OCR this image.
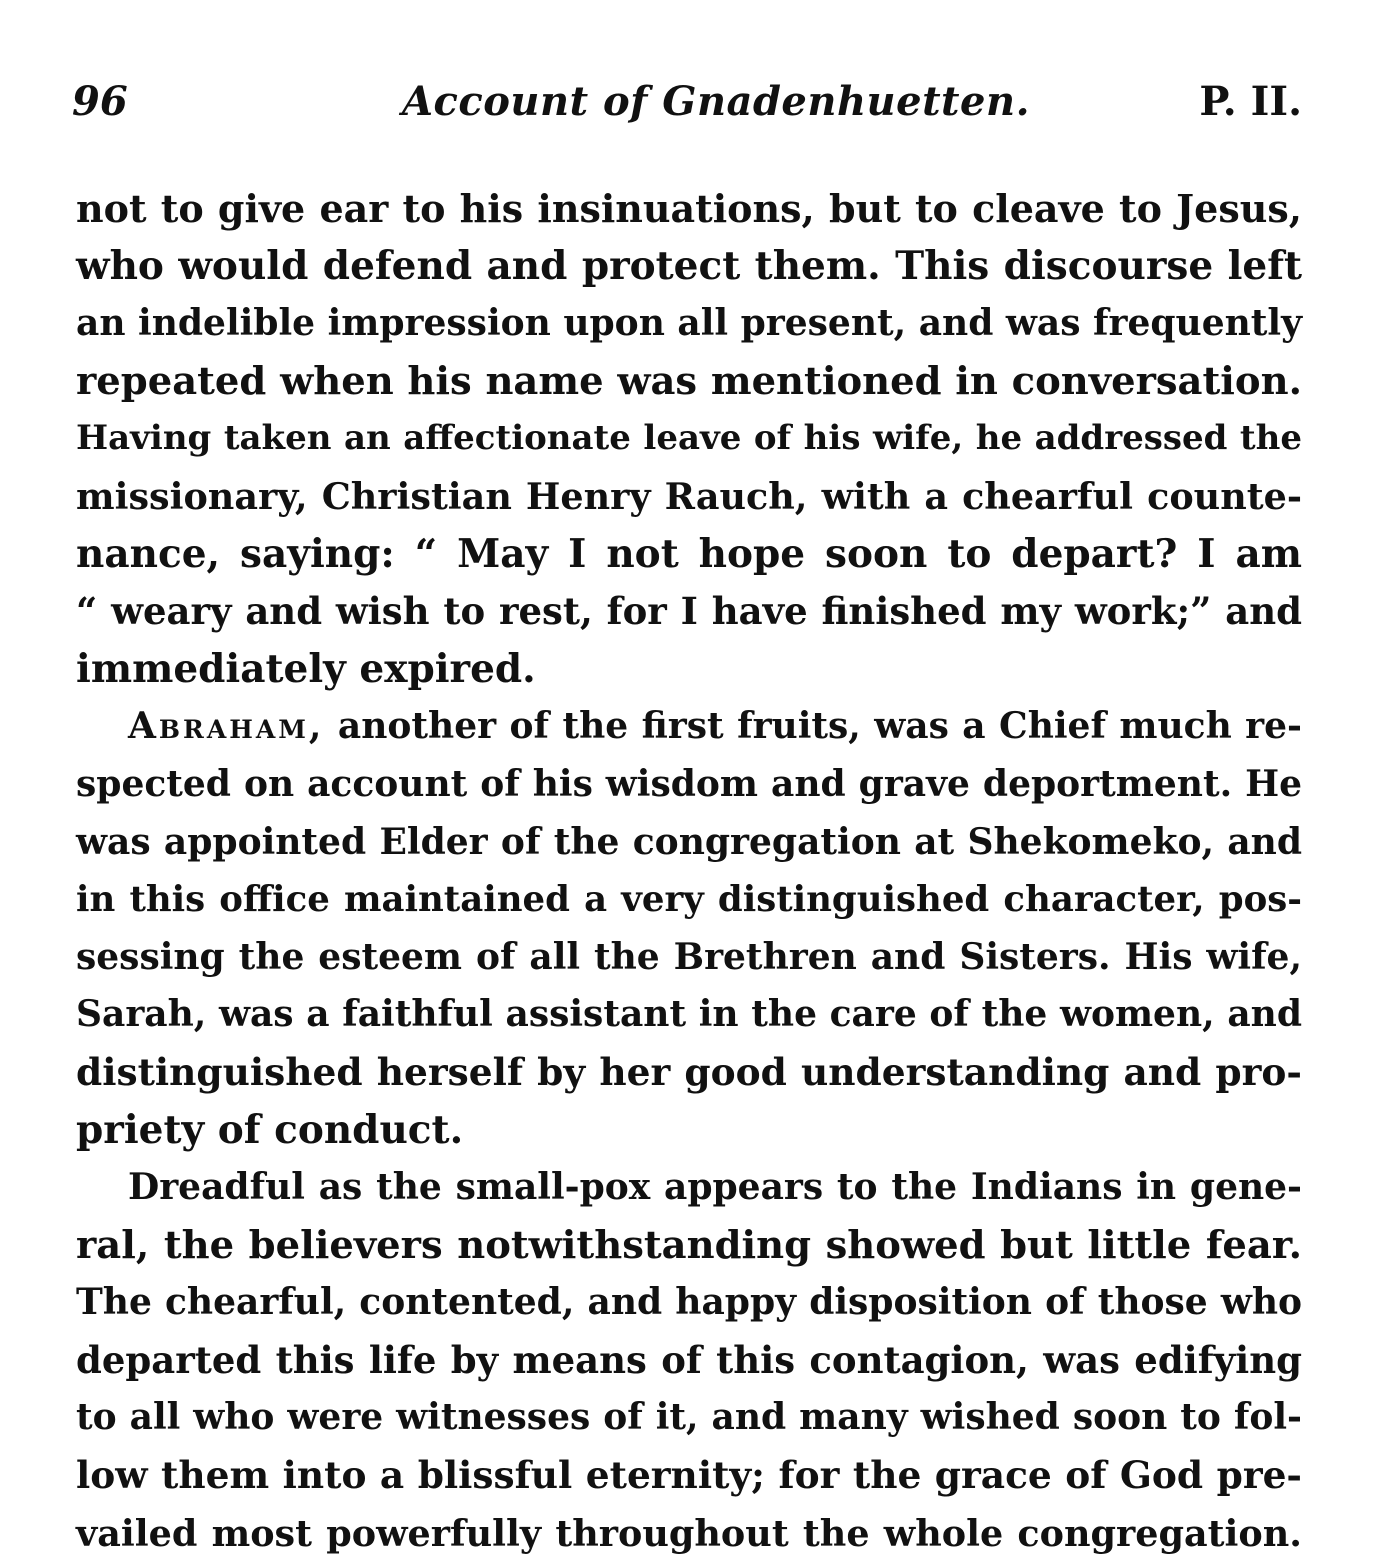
96	Account of Gnadenhuetten.	P. II.
not to give ear to his insinuations, but to cleave to Jesus,
who would defend and protect them. This discourse left
an indelible impression upon all present, and was frequently
repeated when his name was mentioned in conversation.
Having taken an affectionate leave of his wife, he addressed the
missionary, Christian Henry Rauch, with a chearful counte-
nance, saying: “ May I not hope soon to depart? I am
“ weary and wish to rest, for I have finished my work;” and
immediately expired.
Abraham, another of the first fruits, was a Chief much re-
spected on account of his wisdom and grave deportment. He
was appointed Elder of the congregation at Shekomeko, and
in this office maintained a very distinguished character, pos-
sessing the esteem of all the Brethren and Sisters. His wife,
Sarah, was a faithful assistant in the care of the women, and
distinguished herself by her good understanding and pro-
priety of conduct.
Dreadful as the small-pox appears to the Indians in gene-
ral, the believers notwithstanding showed but little fear.
The chearful, contented, and happy disposition of those who
departed this life by means of this contagion, was edifying
to all who were witnesses of it, and many wished soon to fol-
low them into a blissful eternity; for the grace of God pre-
vailed most powerfully throughout the whole congregation.
